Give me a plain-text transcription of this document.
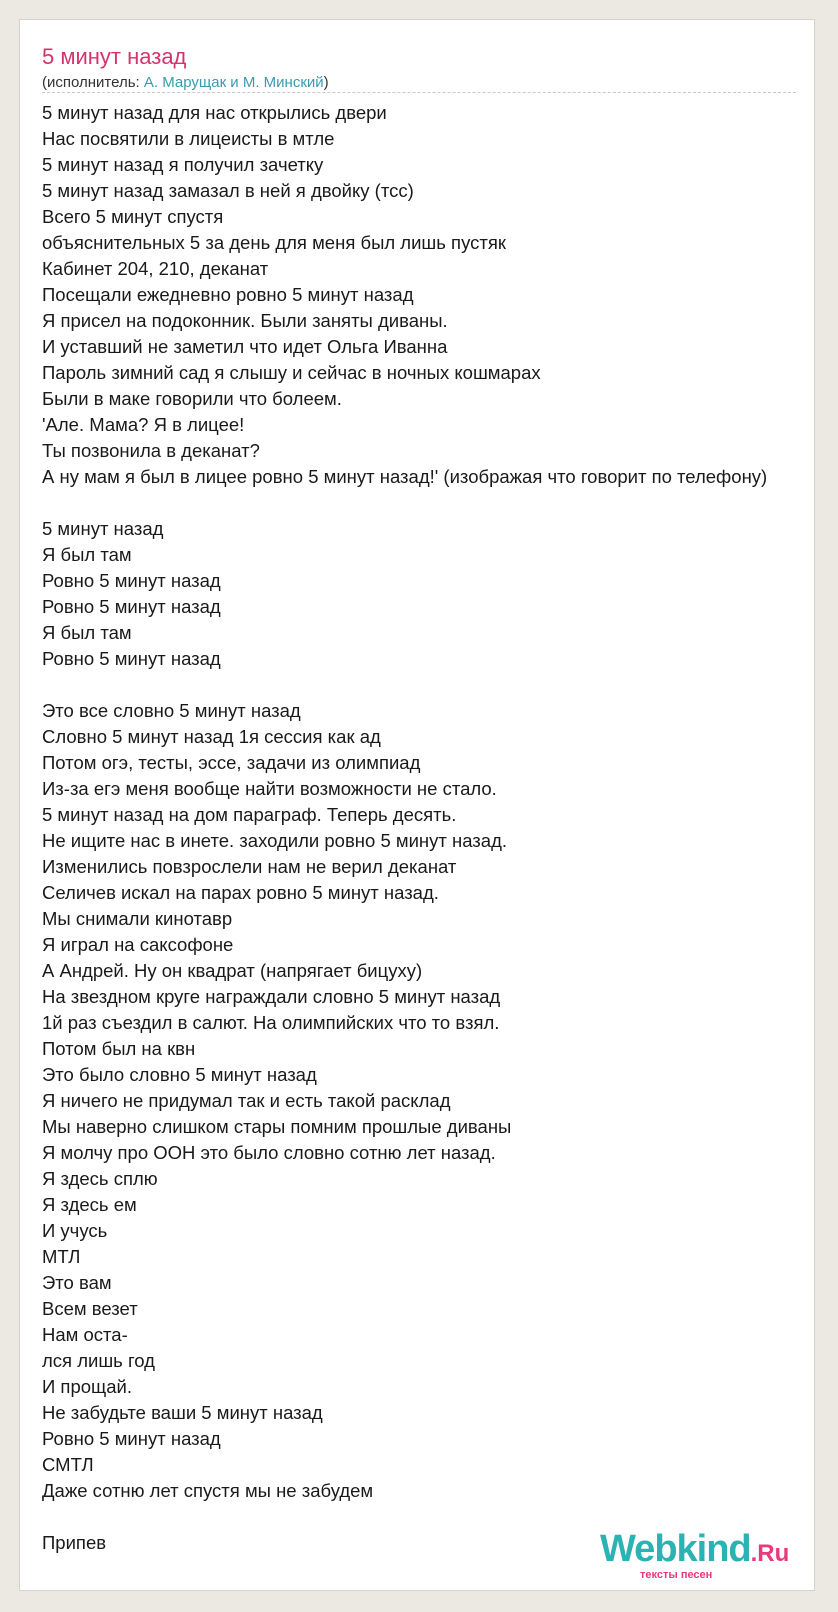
5 минут назад
(исполнитель: А. Марущак и М. Минский)
5 минут назад для нас открылись двери
Нас посвятили в лицеисты в мтле
5 минут назад я получил зачетку
5 минут назад замазал в ней я двойку (тсс)
Всего 5 минут спустя
объяснительных 5 за день для меня был лишь пустяк
Кабинет 204, 210, деканат
Посещали ежедневно ровно 5 минут назад
Я присел на подоконник. Были заняты диваны.
И уставший не заметил что идет Ольга Иванна
Пароль зимний сад я слышу и сейчас в ночных кошмарах
Были в маке говорили что болеем.
'Але. Мама? Я в лицее!
Ты позвонила в деканат?
А ну мам я был в лицее ровно 5 минут назад!' (изображая что говорит по телефону)

5 минут назад
Я был там
Ровно 5 минут назад
Ровно 5 минут назад
Я был там
Ровно 5 минут назад

Это все словно 5 минут назад
Словно 5 минут назад 1я сессия как ад
Потом огэ, тесты, эссе, задачи из олимпиад
Из-за егэ меня вообще найти возможности не стало.
5 минут назад на дом параграф. Теперь десять.
Не ищите нас в инете. заходили ровно 5 минут назад.
Изменились повзрослели нам не верил деканат
Селичев искал на парах ровно 5 минут назад.
Мы снимали кинотавр
Я играл на саксофоне
А Андрей. Ну он квадрат (напрягает бицуху)
На звездном круге награждали словно 5 минут назад
1й раз съездил в салют. На олимпийских что то взял.
Потом был на квн
Это было словно 5 минут назад
Я ничего не придумал так и есть такой расклад
Мы наверно слишком стары помним прошлые диваны
Я молчу про ООН это было словно сотню лет назад.
Я здесь сплю
Я здесь ем
И учусь
МТЛ
Это вам
Всем везет
Нам оста-
лся лишь год
И прощай.
Не забудьте ваши 5 минут назад
Ровно 5 минут назад
СМТЛ
Даже сотню лет спустя мы не забудем

Припев	Webkind.Ru
тексты песен
